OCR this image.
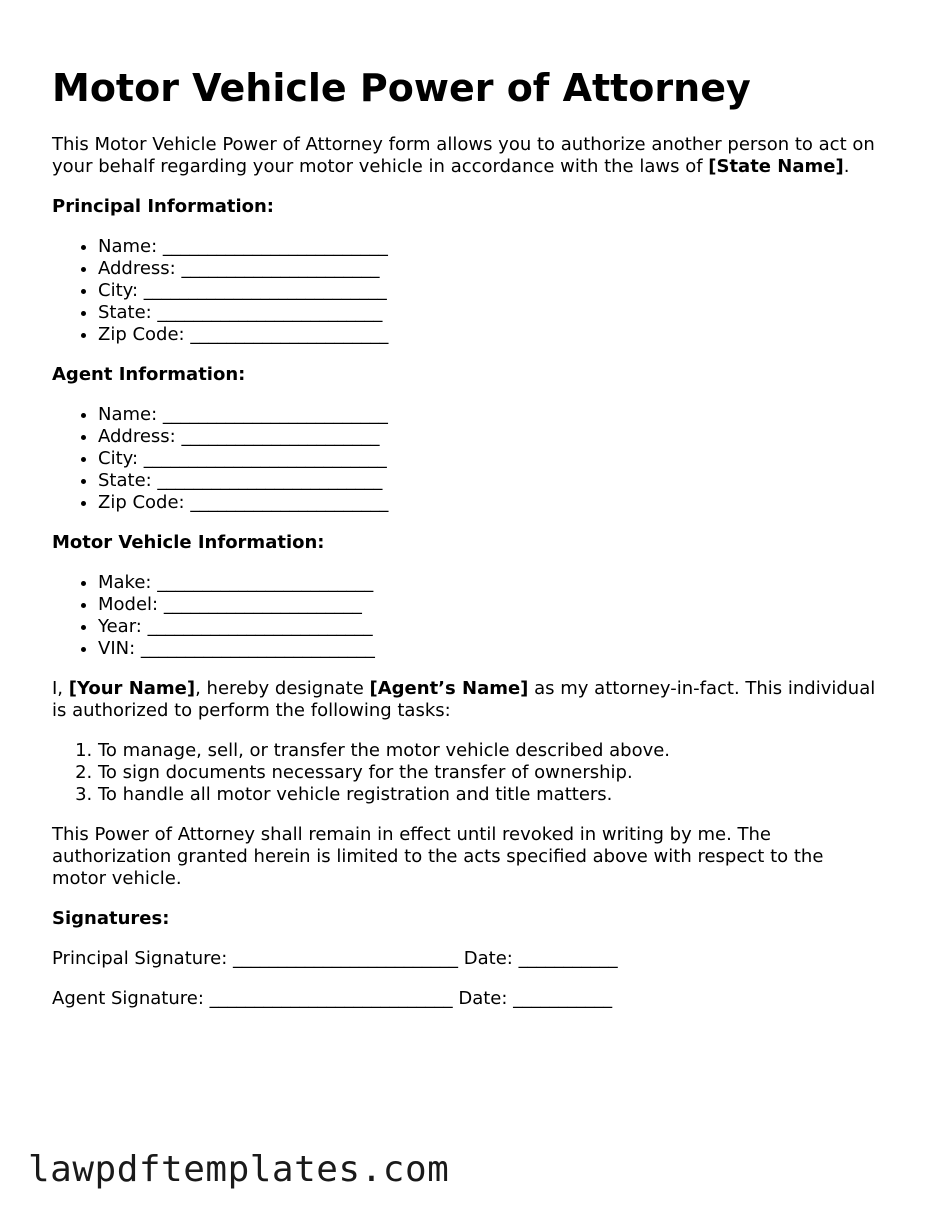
Motor Vehicle Power of Attorney

This Motor Vehicle Power of Attorney form allows you to authorize another person to act on your behalf regarding your motor vehicle in accordance with the laws of [State Name].

Principal Information:
• Name: _________________________
• Address: ______________________
• City: ___________________________
• State: _________________________
• Zip Code: ______________________
Agent Information:
• Name: _________________________
• Address: ______________________
• City: ___________________________
• State: _________________________
• Zip Code: ______________________
Motor Vehicle Information:
• Make: ________________________
• Model: ______________________
• Year: _________________________
• VIN: __________________________

I, [Your Name], hereby designate [Agent’s Name] as my attorney-in-fact. This individual is authorized to perform the following tasks:

1. To manage, sell, or transfer the motor vehicle described above.
2. To sign documents necessary for the transfer of ownership.
3. To handle all motor vehicle registration and title matters.

This Power of Attorney shall remain in effect until revoked in writing by me. The authorization granted herein is limited to the acts specified above with respect to the motor vehicle.

Signatures:
Principal Signature: _________________________ Date: ___________
Agent Signature: ___________________________ Date: ___________
lawpdftemplates.com
